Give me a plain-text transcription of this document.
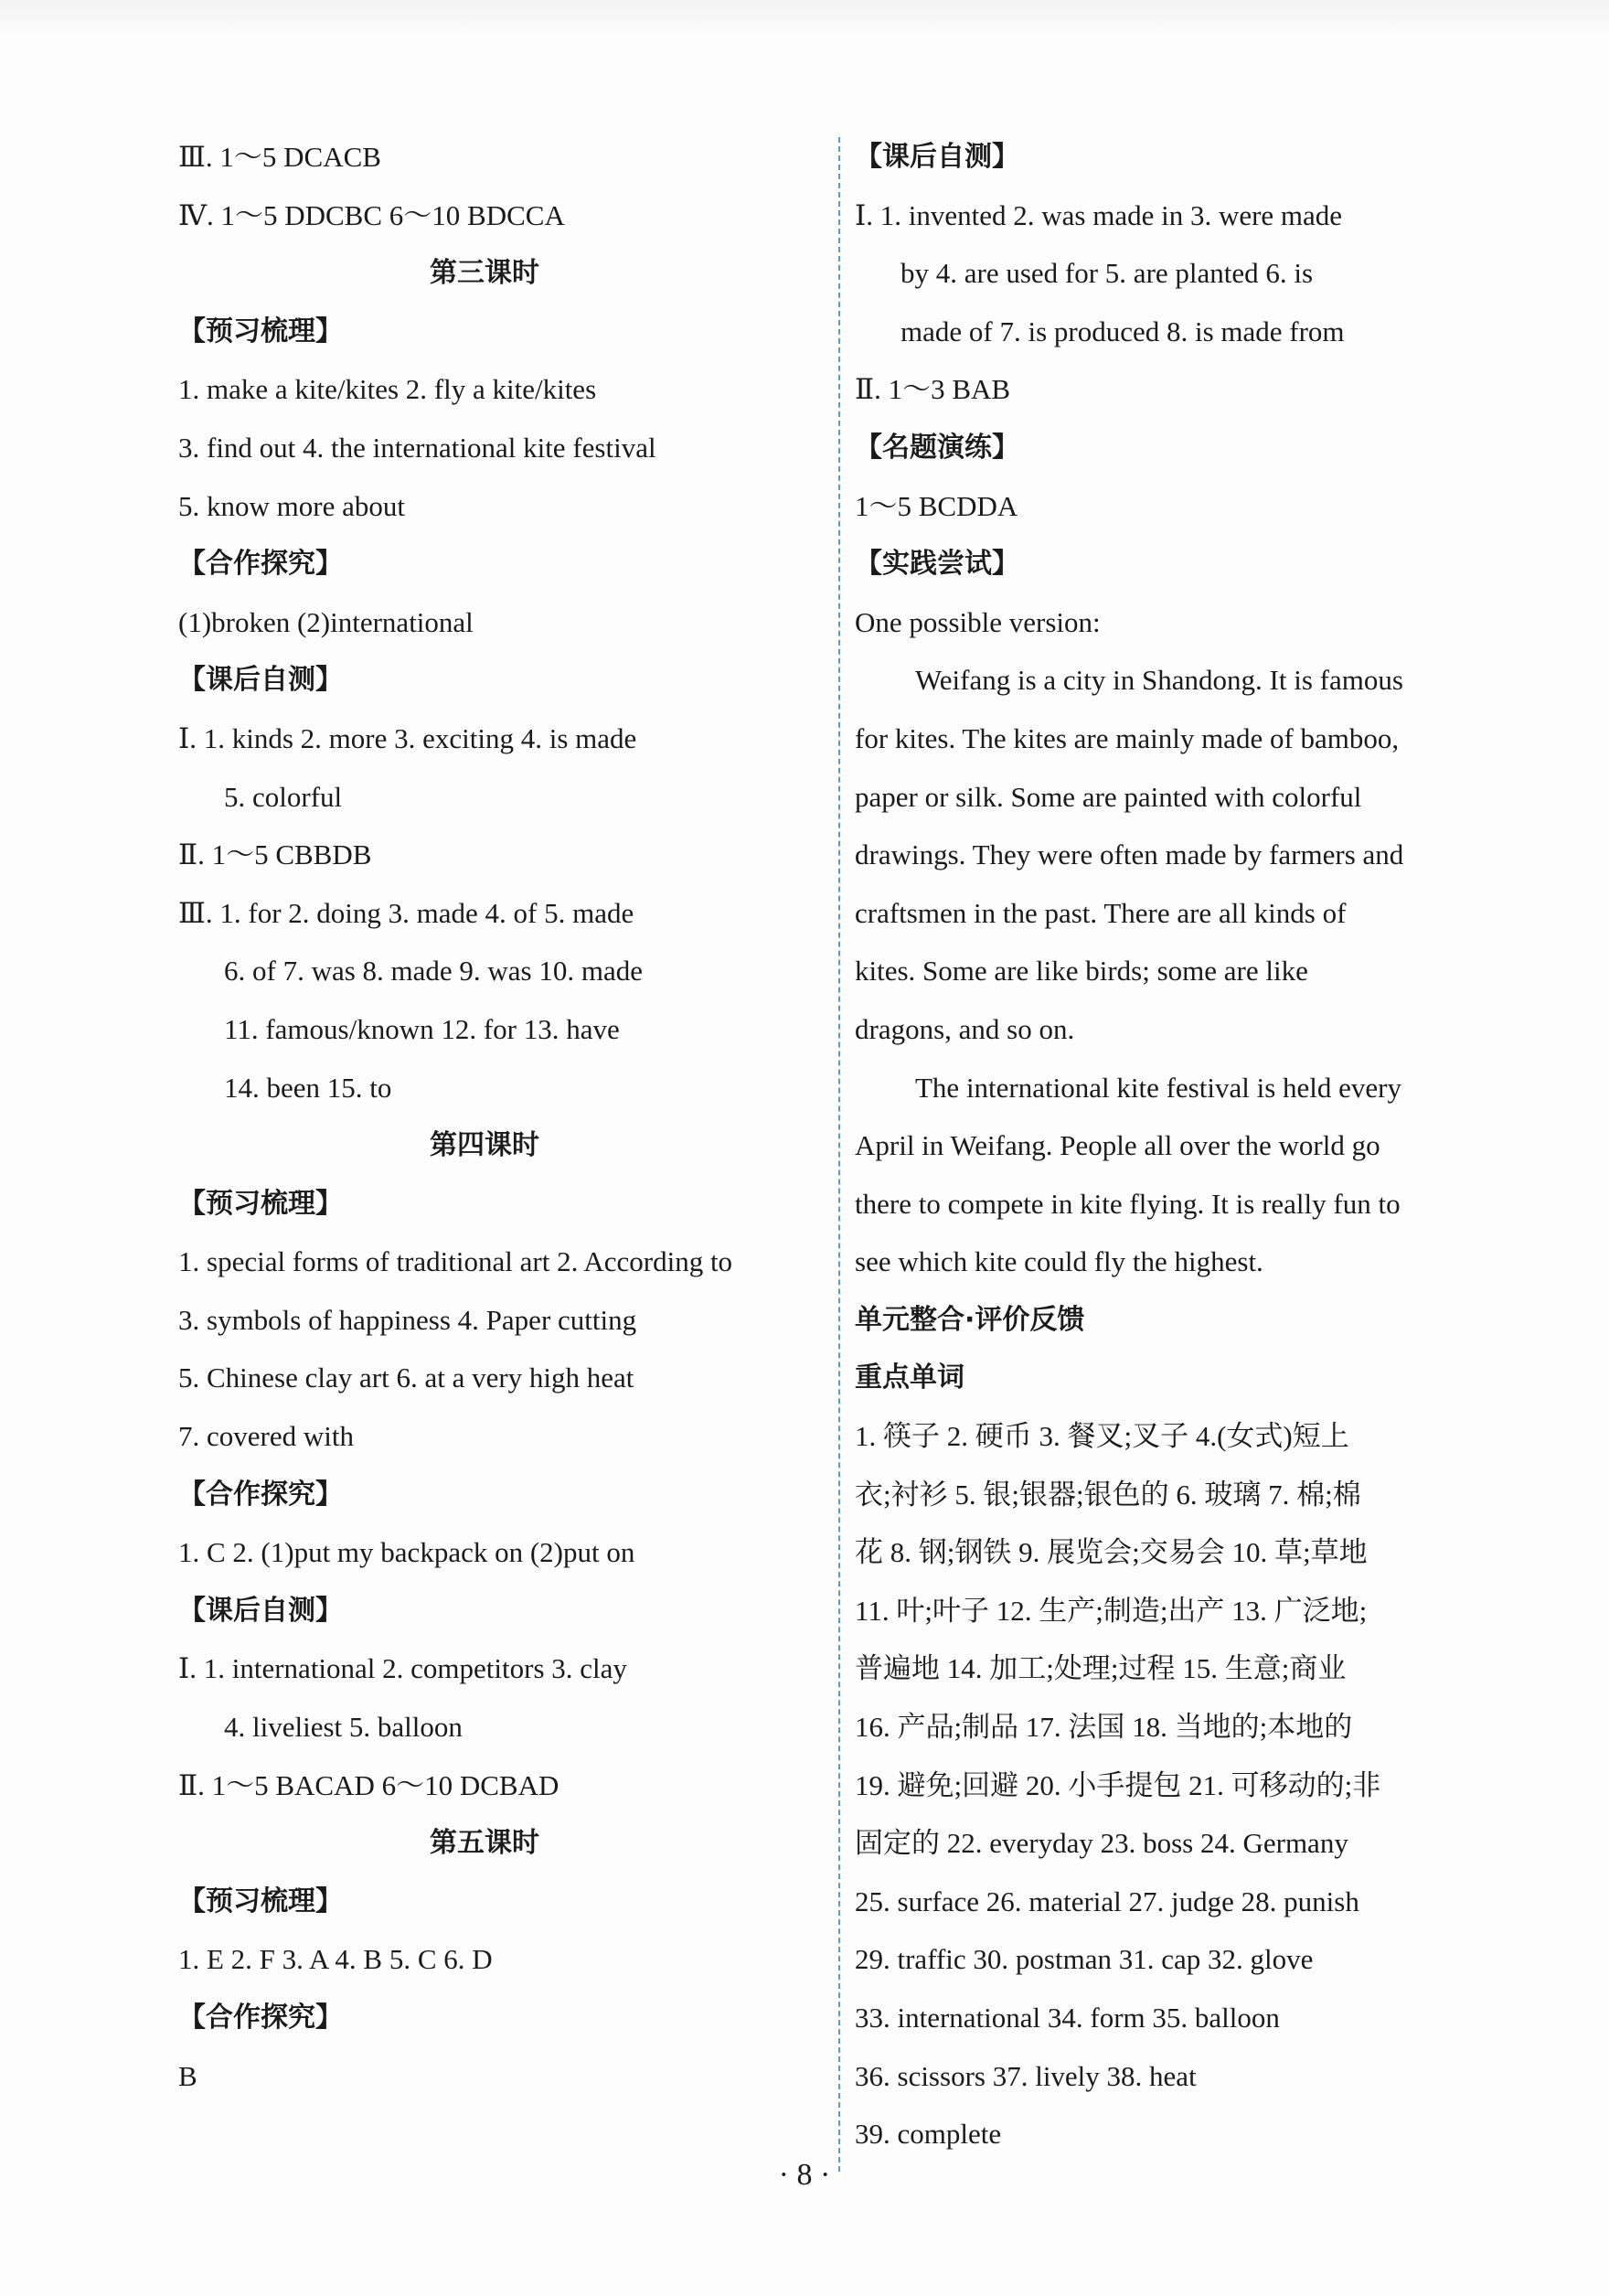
Ⅲ. 1～5 DCACB
Ⅳ. 1～5 DDCBC 6～10 BDCCA
第三课时
【预习梳理】
1. make a kite/kites 2. fly a kite/kites
3. find out 4. the international kite festival
5. know more about
【合作探究】
(1)broken (2)international
【课后自测】
Ⅰ. 1. kinds 2. more 3. exciting 4. is made
5. colorful
Ⅱ. 1～5 CBBDB
Ⅲ. 1. for 2. doing 3. made 4. of 5. made
6. of 7. was 8. made 9. was 10. made
11. famous/known 12. for 13. have
14. been 15. to
第四课时
【预习梳理】
1. special forms of traditional art 2. According to
3. symbols of happiness 4. Paper cutting
5. Chinese clay art 6. at a very high heat
7. covered with
【合作探究】
1. C 2. (1)put my backpack on (2)put on
【课后自测】
Ⅰ. 1. international 2. competitors 3. clay
4. liveliest 5. balloon
Ⅱ. 1～5 BACAD 6～10 DCBAD
第五课时
【预习梳理】
1. E 2. F 3. A 4. B 5. C 6. D
【合作探究】
B
【课后自测】
Ⅰ. 1. invented 2. was made in 3. were made
by 4. are used for 5. are planted 6. is
made of 7. is produced 8. is made from
Ⅱ. 1～3 BAB
【名题演练】
1～5 BCDDA
【实践尝试】
One possible version:
Weifang is a city in Shandong. It is famous
for kites. The kites are mainly made of bamboo,
paper or silk. Some are painted with colorful
drawings. They were often made by farmers and
craftsmen in the past. There are all kinds of
kites. Some are like birds; some are like
dragons, and so on.
The international kite festival is held every
April in Weifang. People all over the world go
there to compete in kite flying. It is really fun to
see which kite could fly the highest.
单元整合·评价反馈
重点单词
1. 筷子 2. 硬币 3. 餐叉;叉子 4.(女式)短上
衣;衬衫 5. 银;银器;银色的 6. 玻璃 7. 棉;棉
花 8. 钢;钢铁 9. 展览会;交易会 10. 草;草地
11. 叶;叶子 12. 生产;制造;出产 13. 广泛地;
普遍地 14. 加工;处理;过程 15. 生意;商业
16. 产品;制品 17. 法国 18. 当地的;本地的
19. 避免;回避 20. 小手提包 21. 可移动的;非
固定的 22. everyday 23. boss 24. Germany
25. surface 26. material 27. judge 28. punish
29. traffic 30. postman 31. cap 32. glove
33. international 34. form 35. balloon
36. scissors 37. lively 38. heat
39. complete
· 8 ·
